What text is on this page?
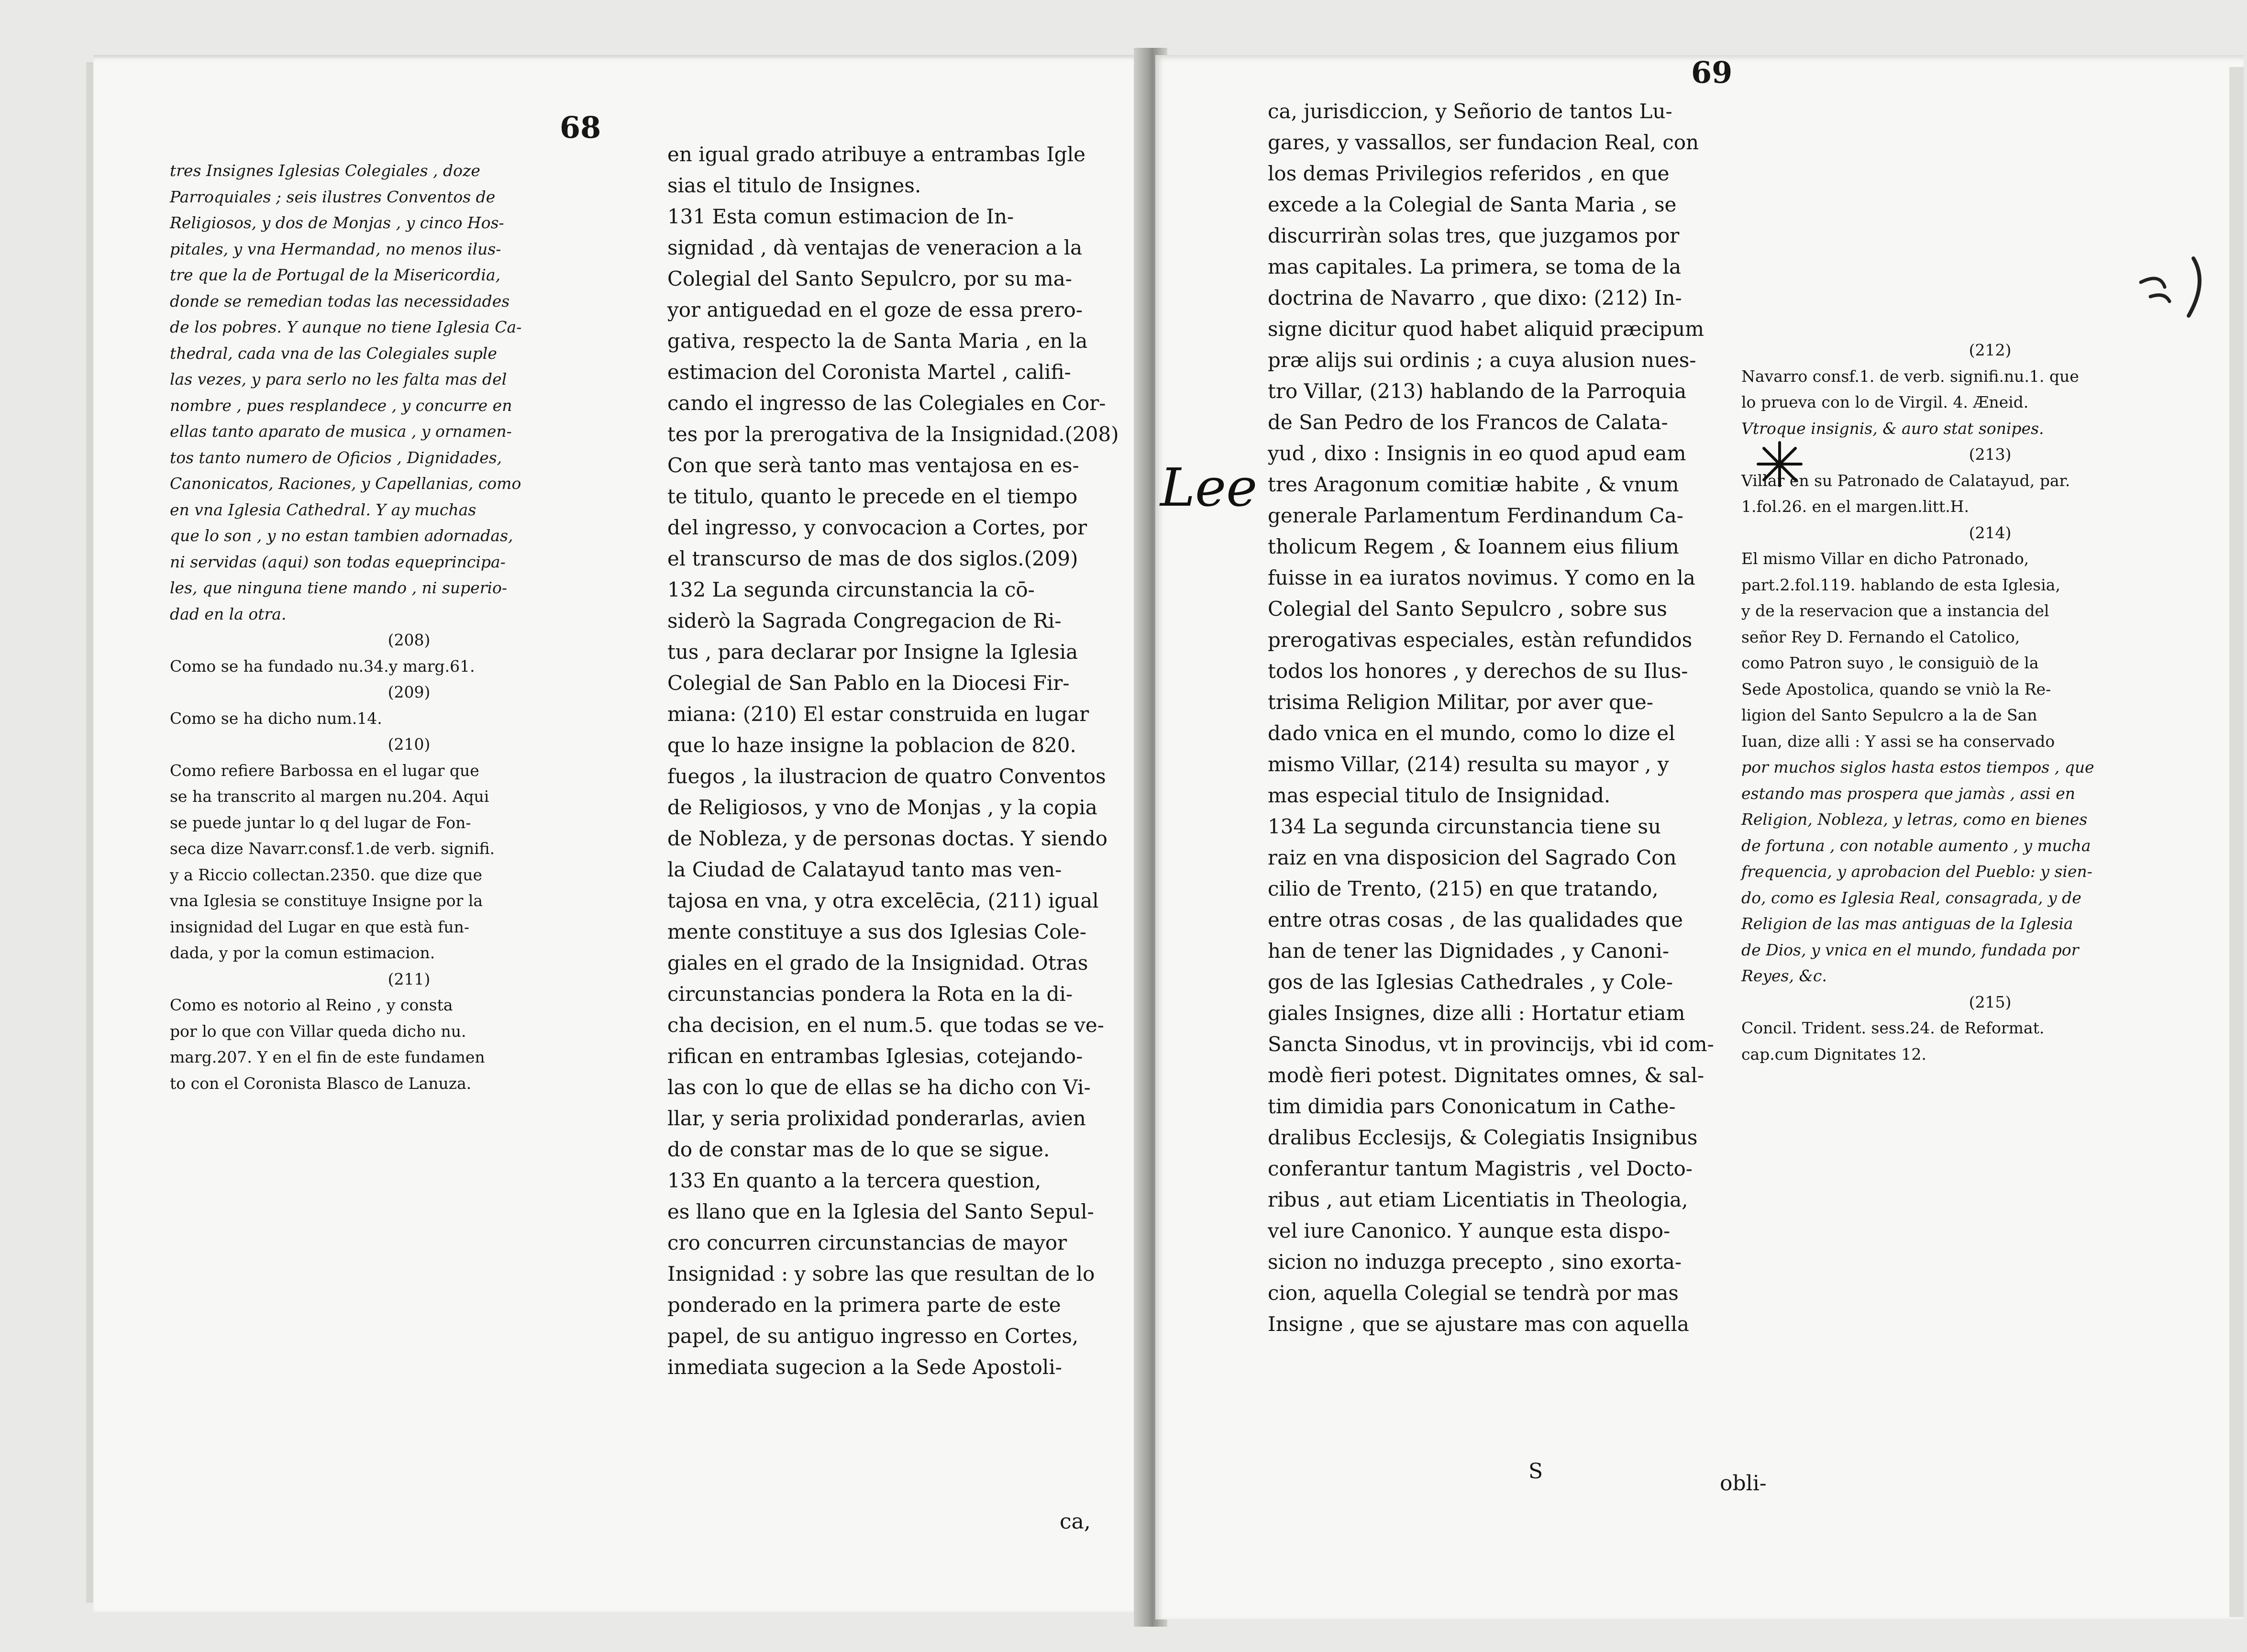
68
tres Insignes Iglesias Colegiales , doze
Parroquiales ; seis ilustres Conventos de
Religiosos, y dos de Monjas , y cinco Hos-
pitales, y vna Hermandad, no menos ilus-
tre que la de Portugal de la Misericordia,
donde se remedian todas las necessidades
de los pobres. Y aunque no tiene Iglesia Ca-
thedral, cada vna de las Colegiales suple
las vezes, y para serlo no les falta mas del
nombre , pues resplandece , y concurre en
ellas tanto aparato de musica , y ornamen-
tos tanto numero de Oficios , Dignidades,
Canonicatos, Raciones, y Capellanias, como
en vna Iglesia Cathedral. Y ay muchas
que lo son , y no estan tambien adornadas,
ni servidas (aqui) son todas equeprincipa-
les, que ninguna tiene mando , ni superio-
dad en la otra.
(208)
Como se ha fundado nu.34.y marg.61.
(209)
Como se ha dicho num.14.
(210)
Como refiere Barbossa en el lugar que
se ha transcrito al margen nu.204. Aqui
se puede juntar lo q del lugar de Fon-
seca dize Navarr.consf.1.de verb. signifi.
y a Riccio collectan.2350. que dize que
vna Iglesia se constituye Insigne por la
insignidad del Lugar en que està fun-
dada, y por la comun estimacion.
(211)
Como es notorio al Reino , y consta
por lo que con Villar queda dicho nu.
marg.207. Y en el fin de este fundamen
to con el Coronista Blasco de Lanuza.
en igual grado atribuye a entrambas Igle
sias el titulo de Insignes.
131 Esta comun estimacion de In-
signidad , dà ventajas de veneracion a la
Colegial del Santo Sepulcro, por su ma-
yor antiguedad en el goze de essa prero-
gativa, respecto la de Santa Maria , en la
estimacion del Coronista Martel , califi-
cando el ingresso de las Colegiales en Cor-
tes por la prerogativa de la Insignidad.(208)
Con que serà tanto mas ventajosa en es-
te titulo, quanto le precede en el tiempo
del ingresso, y convocacion a Cortes, por
el transcurso de mas de dos siglos.(209)
132 La segunda circunstancia la cō-
siderò la Sagrada Congregacion de Ri-
tus , para declarar por Insigne la Iglesia
Colegial de San Pablo en la Diocesi Fir-
miana: (210) El estar construida en lugar
que lo haze insigne la poblacion de 820.
fuegos , la ilustracion de quatro Conventos
de Religiosos, y vno de Monjas , y la copia
de Nobleza, y de personas doctas. Y siendo
la Ciudad de Calatayud tanto mas ven-
tajosa en vna, y otra excelēcia, (211) igual
mente constituye a sus dos Iglesias Cole-
giales en el grado de la Insignidad. Otras
circunstancias pondera la Rota en la di-
cha decision, en el num.5. que todas se ve-
rifican en entrambas Iglesias, cotejando-
las con lo que de ellas se ha dicho con Vi-
llar, y seria prolixidad ponderarlas, avien
do de constar mas de lo que se sigue.
133 En quanto a la tercera question,
es llano que en la Iglesia del Santo Sepul-
cro concurren circunstancias de mayor
Insignidad : y sobre las que resultan de lo
ponderado en la primera parte de este
papel, de su antiguo ingresso en Cortes,
inmediata sugecion a la Sede Apostoli-
ca,
69
ca, jurisdiccion, y Señorio de tantos Lu-
gares, y vassallos, ser fundacion Real, con
los demas Privilegios referidos , en que
excede a la Colegial de Santa Maria , se
discurriràn solas tres, que juzgamos por
mas capitales. La primera, se toma de la
doctrina de Navarro , que dixo: (212) In-
signe dicitur quod habet aliquid præcipum
præ alijs sui ordinis ; a cuya alusion nues-
tro Villar, (213) hablando de la Parroquia
de San Pedro de los Francos de Calata-
yud , dixo : Insignis in eo quod apud eam
tres Aragonum comitiæ habite , & vnum
generale Parlamentum Ferdinandum Ca-
tholicum Regem , & Ioannem eius filium
fuisse in ea iuratos novimus. Y como en la
Colegial del Santo Sepulcro , sobre sus
prerogativas especiales, estàn refundidos
todos los honores , y derechos de su Ilus-
trisima Religion Militar, por aver que-
dado vnica en el mundo, como lo dize el
mismo Villar, (214) resulta su mayor , y
mas especial titulo de Insignidad.
134 La segunda circunstancia tiene su
raiz en vna disposicion del Sagrado Con
cilio de Trento, (215) en que tratando,
entre otras cosas , de las qualidades que
han de tener las Dignidades , y Canoni-
gos de las Iglesias Cathedrales , y Cole-
giales Insignes, dize alli : Hortatur etiam
Sancta Sinodus, vt in provincijs, vbi id com-
modè fieri potest. Dignitates omnes, & sal-
tim dimidia pars Cononicatum in Cathe-
dralibus Ecclesijs, & Colegiatis Insignibus
conferantur tantum Magistris , vel Docto-
ribus , aut etiam Licentiatis in Theologia,
vel iure Canonico. Y aunque esta dispo-
sicion no induzga precepto , sino exorta-
cion, aquella Colegial se tendrà por mas
Insigne , que se ajustare mas con aquella
(212)
Navarro consf.1. de verb. signifi.nu.1. que
lo prueva con lo de Virgil. 4. Æneid.
Vtroque insignis, & auro stat sonipes.
(213)
Villar en su Patronado de Calatayud, par.
1.fol.26. en el margen.litt.H.
(214)
El mismo Villar en dicho Patronado,
part.2.fol.119. hablando de esta Iglesia,
y de la reservacion que a instancia del
señor Rey D. Fernando el Catolico,
como Patron suyo , le consiguiò de la
Sede Apostolica, quando se vniò la Re-
ligion del Santo Sepulcro a la de San
Iuan, dize alli : Y assi se ha conservado
por muchos siglos hasta estos tiempos , que
estando mas prospera que jamàs , assi en
Religion, Nobleza, y letras, como en bienes
de fortuna , con notable aumento , y mucha
frequencia, y aprobacion del Pueblo: y sien-
do, como es Iglesia Real, consagrada, y de
Religion de las mas antiguas de la Iglesia
de Dios, y vnica en el mundo, fundada por
Reyes, &c.
(215)
Concil. Trident. sess.24. de Reformat.
cap.cum Dignitates 12.
S	obli-
Lee
